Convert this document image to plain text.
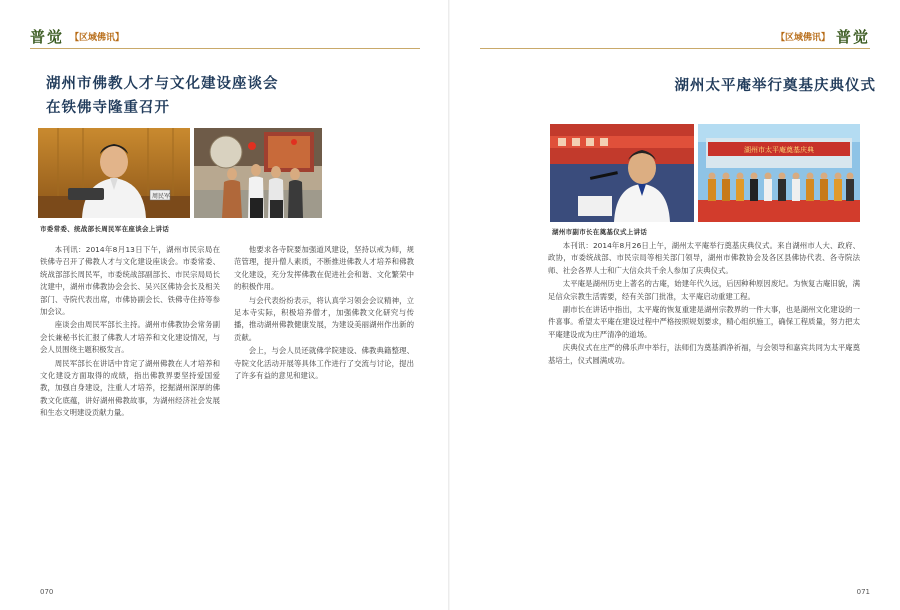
普觉 【区域佛讯】
湖州市佛教人才与文化建设座谈会
在铁佛寺隆重召开
周民军
市委常委、统战部长周民军在座谈会上讲话

本刊讯：2014年8月13日下午，湖州市民宗局在铁佛寺召开了佛教人才与文化建设座谈会。市委常委、统战部部长周民军，市委统战部副部长、市民宗局局长沈建中，湖州市佛教协会会长、吴兴区佛协会长及相关部门、寺院代表出席，市佛协副会长、铁佛寺住持等参加会议。

座谈会由周民军部长主持。湖州市佛教协会常务副会长兼秘书长汇报了佛教人才培养和文化建设情况，与会人员围绕主题积极发言。

周民军部长在讲话中肯定了湖州佛教在人才培养和文化建设方面取得的成绩，指出佛教界要坚持爱国爱教，加强自身建设，注重人才培养，挖掘湖州深厚的佛教文化底蕴，讲好湖州佛教故事，为湖州经济社会发展和生态文明建设贡献力量。

他要求各寺院要加强道风建设，坚持以戒为师，规范管理，提升僧人素质，不断推进佛教人才培养和佛教文化建设，充分发挥佛教在促进社会和谐、文化繁荣中的积极作用。

与会代表纷纷表示，将认真学习领会会议精神，立足本寺实际，积极培养僧才，加强佛教文化研究与传播，推动湖州佛教健康发展，为建设美丽湖州作出新的贡献。

会上，与会人员还就佛学院建设、佛教典籍整理、寺院文化活动开展等具体工作进行了交流与讨论，提出了许多有益的意见和建议。

070
【区域佛讯】 普觉
湖州太平庵举行奠基庆典仪式
湖州市太平庵奠基庆典
湖州市副市长在奠基仪式上讲话

本刊讯：2014年8月26日上午，湖州太平庵举行奠基庆典仪式。来自湖州市人大、政府、政协，市委统战部、市民宗局等相关部门领导，湖州市佛教协会及各区县佛协代表、各寺院法师、社会各界人士和广大信众共千余人参加了庆典仪式。

太平庵是湖州历史上著名的古庵，始建年代久远，后因种种原因废圮。为恢复古庵旧貌，满足信众宗教生活需要，经有关部门批准，太平庵启动重建工程。

副市长在讲话中指出，太平庵的恢复重建是湖州宗教界的一件大事，也是湖州文化建设的一件喜事。希望太平庵在建设过程中严格按照规划要求，精心组织施工，确保工程质量，努力把太平庵建设成为庄严清净的道场。

庆典仪式在庄严的佛乐声中举行，法师们为奠基洒净祈福，与会领导和嘉宾共同为太平庵奠基培土，仪式圆满成功。

071
